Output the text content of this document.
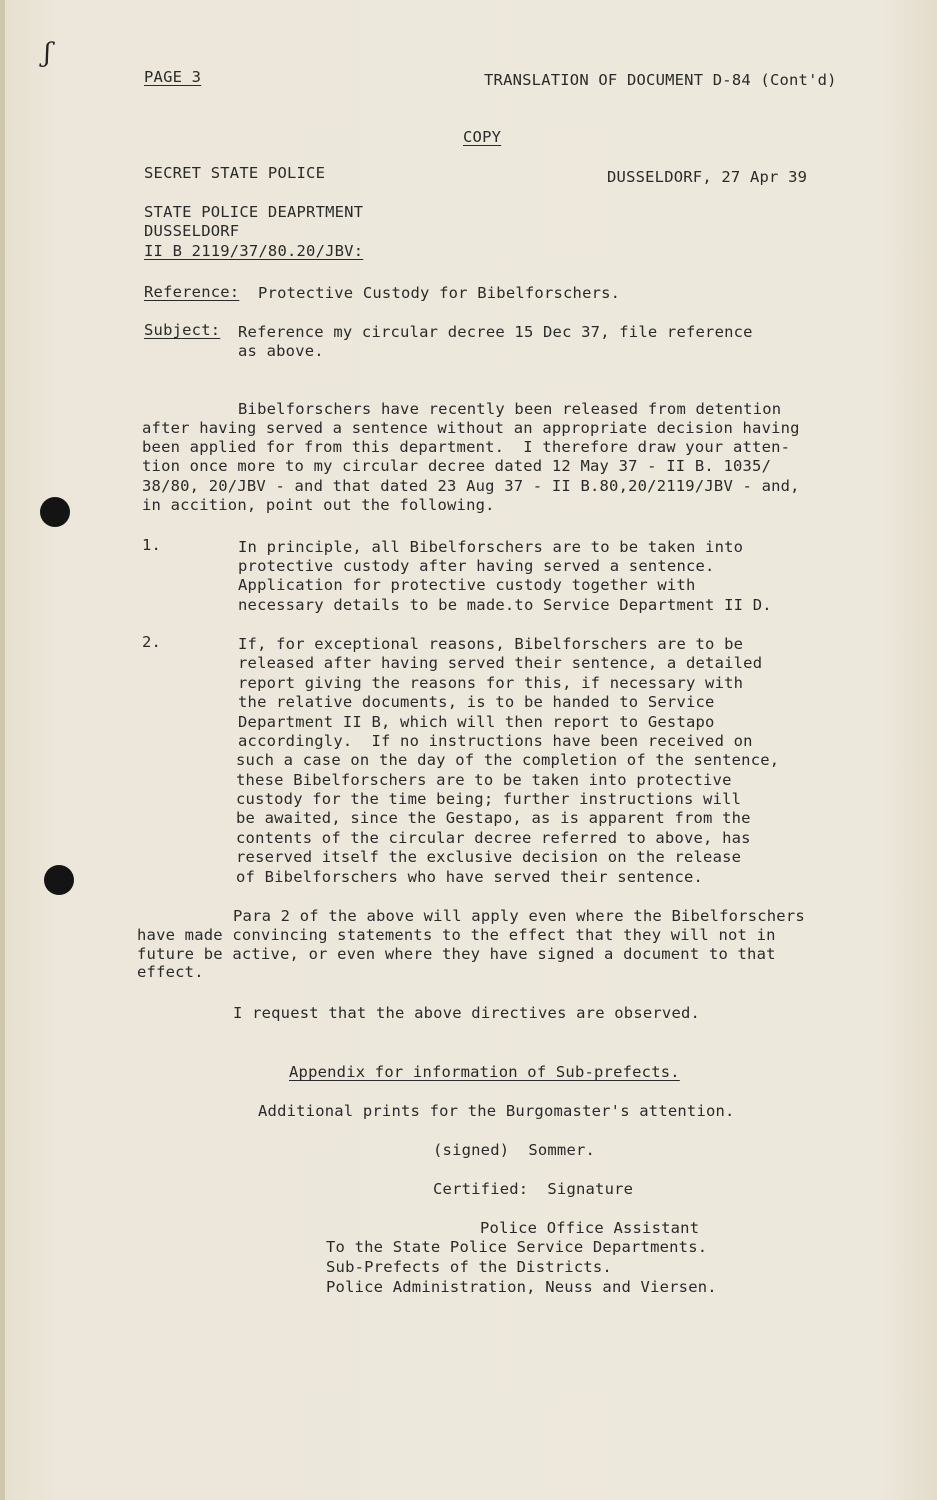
ʃ
PAGE 3	TRANSLATION OF DOCUMENT D-84 (Cont'd)
COPY
SECRET STATE POLICE	DUSSELDORF, 27 Apr 39
STATE POLICE DEAPRTMENT
DUSSELDORF
II B 2119/37/80.20/JBV:
Reference: Protective Custody for Bibelforschers.
Subject: Reference my circular decree 15 Dec 37, file reference
as above.
Bibelforschers have recently been released from detention
after having served a sentence without an appropriate decision having
been applied for from this department.  I therefore draw your atten-
tion once more to my circular decree dated 12 May 37 - II B. 1035/
38/80, 20/JBV - and that dated 23 Aug 37 - II B.80,20/2119/JBV - and,
in accition, point out the following.
1.	In principle, all Bibelforschers are to be taken into
protective custody after having served a sentence.
Application for protective custody together with
necessary details to be made.to Service Department II D.
2.	If, for exceptional reasons, Bibelforschers are to be
released after having served their sentence, a detailed
report giving the reasons for this, if necessary with
the relative documents, is to be handed to Service
Department II B, which will then report to Gestapo
accordingly.  If no instructions have been received on
such a case on the day of the completion of the sentence,
these Bibelforschers are to be taken into protective
custody for the time being; further instructions will
be awaited, since the Gestapo, as is apparent from the
contents of the circular decree referred to above, has
reserved itself the exclusive decision on the release
of Bibelforschers who have served their sentence.
Para 2 of the above will apply even where the Bibelforschers
have made convincing statements to the effect that they will not in
future be active, or even where they have signed a document to that
effect.
I request that the above directives are observed.
Appendix for information of Sub-prefects.
Additional prints for the Burgomaster's attention.
(signed)  Sommer.
Certified:  Signature
Police Office Assistant
To the State Police Service Departments.
Sub-Prefects of the Districts.
Police Administration, Neuss and Viersen.
